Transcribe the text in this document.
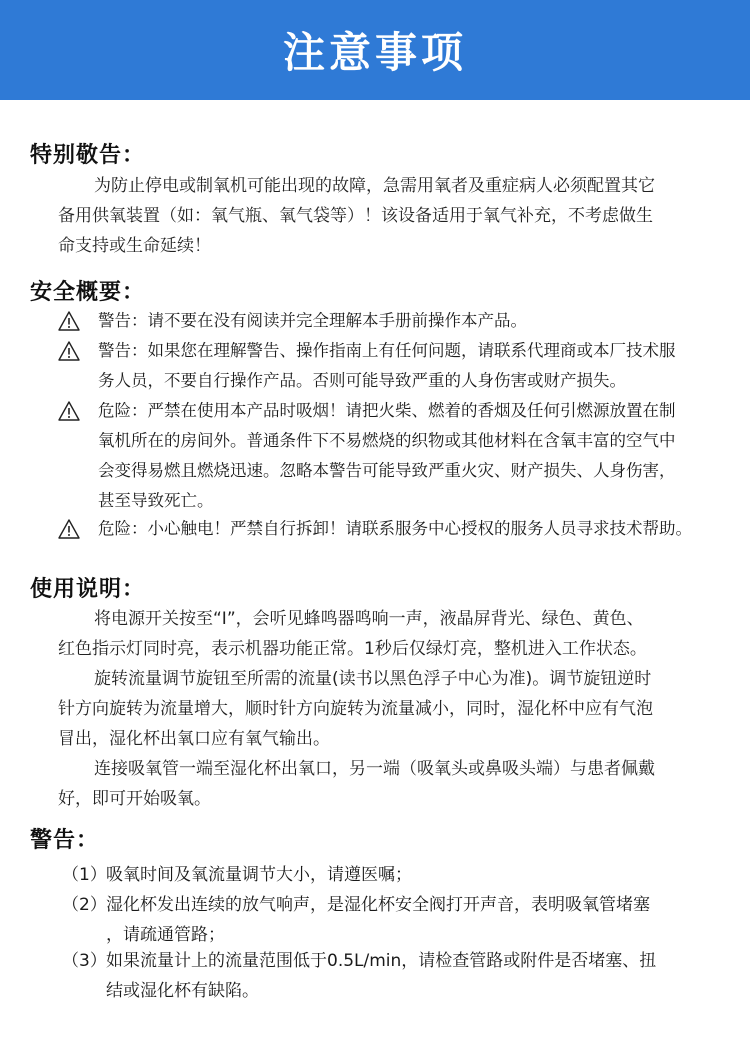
注意事项
特别敬告：
为防止停电或制氧机可能出现的故障，急需用氧者及重症病人必须配置其它
备用供氧装置（如：氧气瓶、氧气袋等）！该设备适用于氧气补充，不考虑做生
命支持或生命延续！
安全概要：
警告：请不要在没有阅读并完全理解本手册前操作本产品。
警告：如果您在理解警告、操作指南上有任何问题，请联系代理商或本厂技术服
务人员，不要自行操作产品。否则可能导致严重的人身伤害或财产损失。
危险：严禁在使用本产品时吸烟！请把火柴、燃着的香烟及任何引燃源放置在制
氧机所在的房间外。普通条件下不易燃烧的织物或其他材料在含氧丰富的空气中
会变得易燃且燃烧迅速。忽略本警告可能导致严重火灾、财产损失、人身伤害，
甚至导致死亡。
危险：小心触电！严禁自行拆卸！请联系服务中心授权的服务人员寻求技术帮助。
使用说明：
将电源开关按至“I”，会听见蜂鸣器鸣响一声，液晶屏背光、绿色、黄色、
红色指示灯同时亮，表示机器功能正常。1秒后仅绿灯亮，整机进入工作状态。
旋转流量调节旋钮至所需的流量(读书以黑色浮子中心为准)。调节旋钮逆时
针方向旋转为流量增大，顺时针方向旋转为流量减小，同时，湿化杯中应有气泡
冒出，湿化杯出氧口应有氧气输出。
连接吸氧管一端至湿化杯出氧口，另一端（吸氧头或鼻吸头端）与患者佩戴
好，即可开始吸氧。
警告：
（1） 吸氧时间及氧流量调节大小，请遵医嘱；
（2） 湿化杯发出连续的放气响声，是湿化杯安全阀打开声音，表明吸氧管堵塞
，请疏通管路；
（3） 如果流量计上的流量范围低于0.5L/min，请检查管路或附件是否堵塞、扭
结或湿化杯有缺陷。
